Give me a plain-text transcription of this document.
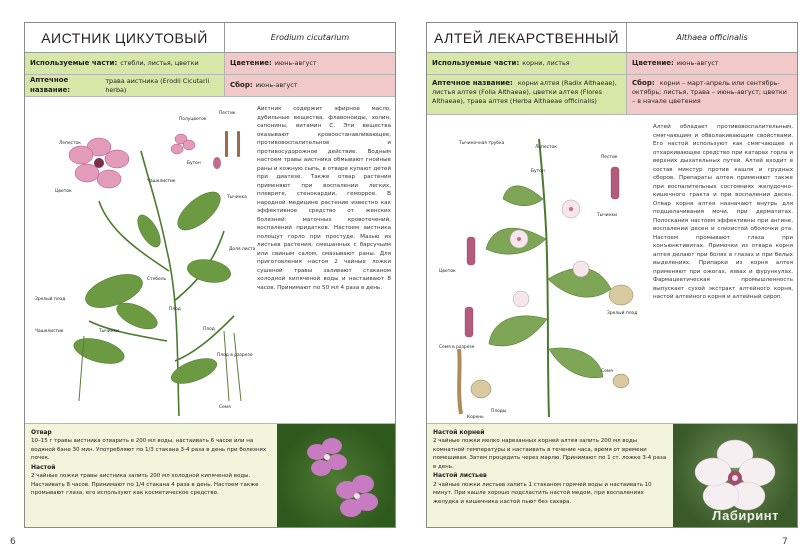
АИСТНИК ЦИКУТОВЫЙ	Erodium cicutarium
Используемые части: стебли, листья, цветки	Цветение: июнь-август
Аптечное название:
трава аистника (Erodii Cicutarii herba)
Сбор: июнь-август
Лепесток
Цветок
Полуцветок
Бутон
Пестик
Тычинка
Доля листа
Чашелистик
Стебель
Зрелый плод
Плод
Чашелистик	Тычинки
Плод в разрезе
Плод
Семя
Аистник содержит эфирное масло, дубильные вещества, флавоноиды, холин, сапонины, витамин С. Эти вещества оказывают кровоостанавливающее, противовоспалительное и противосудорожное действие. Водным настоем травы аистника обмывают гнойные раны и кожную сыпь, в отваре купают детей при диатезе. Также отвар растения применяют при воспалении легких, плеврите, стенокардии, геморрое. В народной медицине растение известно как эффективное средство от женских болезней: маточных кровотечений, воспалений придатков. Настоем аистника полощут горло при простуде. Мазью из листьев растения, смешанных с барсучьим или свиным салом, смазывают раны. Для приготовления настоя 2 чайные ложки сушеной травы заливают стаканом холодной кипяченой воды и настаивают 8 часов. Принимают по 50 мл 4 раза в день.
Отвар
10–15 г травы аистника отварить в 200 мл воды, настаивать 6 часов или на водяной бане 30 мин. Употребляют по 1/3 стакана 3-4 раза в день при болезнях почек.
Настой
2 чайные ложки травы аистника залить 200 мл холодной кипяченой воды. Настаивать 8 часов. Принимают по 1/4 стакана 4 раза в день. Настоем также промывают глаза, его используют как косметическое средство.
6
АЛТЕЙ ЛЕКАРСТВЕННЫЙ	Althaea officinalis
Используемые части: корни, листья	Цветение: июнь-август
Аптечное название: корни алтея (Radix Althaeae), листья алтея (Folia Althaeae), цветки алтея (Flores Althaeae), трава алтея (Herba Althaeae officinalis)
Сбор: корни – март-апрель или сентябрь-октябрь; листья, трава – июнь-август; цветки – в начале цветения
Тычиночная трубка
Лепесток
Бутон
Пестик
Тычинки
Цветок
Зрелый плод
Семя в разрезе
Семя
Корень
Плоды
Алтей обладает противовоспалительным, смягчающим и обволакивающим свойствами. Его настой используют как смягчающее и отхаркивающее средство при катарах горла и верхних дыхательных путей. Алтей входит в состав микстур против кашля и грудных сборов. Препараты алтея применяют также при воспалительных состояниях желудочно-кишечного тракта и при воспалении десен. Отвар корня алтея назначают внутрь для подщелачивания мочи, при дерматитах. Полоскания настоем эффективны при ангине, воспалении десен и слизистой оболочки рта. Настоем промывают глаза при конъюнктивитах. Примочки из отвара корня алтея делают при болях в глазах и при белых выделениях. Припарки из корня алтея применяют при ожогах, язвах и фурункулах. Фармацевтическая промышленность выпускает сухой экстракт алтейного корня, настой алтейного корня и алтейный сироп.
Настой корней
2 чайные ложки мелко нарезанных корней алтея залить 200 мл воды комнатной температуры и настаивать в течение часа, время от времени помешивая. Затем процедить через марлю. Принимают по 1 ст. ложке 3-4 раза в день.
Настой листьев
2 чайные ложки листьев залить 1 стаканом горячей воды и настаивать 10 минут. При кашле хорошо подсластить настой медом, при воспалениях желудка и кишечника настой пьют без сахара.
Лабиринт
7
